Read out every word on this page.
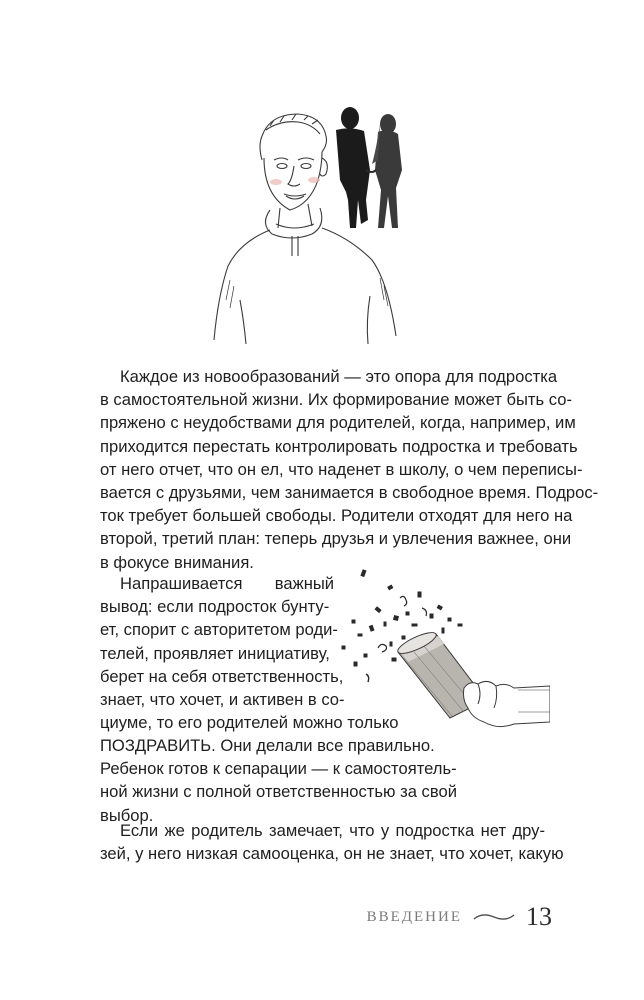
Каждое из новообразований — это опора для подростка
в самостоятельной жизни. Их формирование может быть со-
пряжено с неудобствами для родителей, когда, например, им
приходится перестать контролировать подростка и требовать
от него отчет, что он ел, что наденет в школу, о чем переписы-
вается с друзьями, чем занимается в свободное время. Подрос-
ток требует большей свободы. Родители отходят для него на
второй, третий план: теперь друзья и увлечения важнее, они
в фокусе внимания.
Напрашивается       важный
вывод: если подросток бунту-
ет, спорит с авторитетом роди-
телей, проявляет инициативу,
берет на себя ответственность,
знает, что хочет, и активен в со-
циуме, то его родителей можно только
ПОЗДРАВИТЬ. Они делали все правильно.
Ребенок готов к сепарации — к самостоятель-
ной жизни с полной ответственностью за свой
выбор.
Если же родитель замечает, что у подростка нет дру-
зей, у него низкая самооценка, он не знает, что хочет, какую
ВВЕДЕНИЕ 13
